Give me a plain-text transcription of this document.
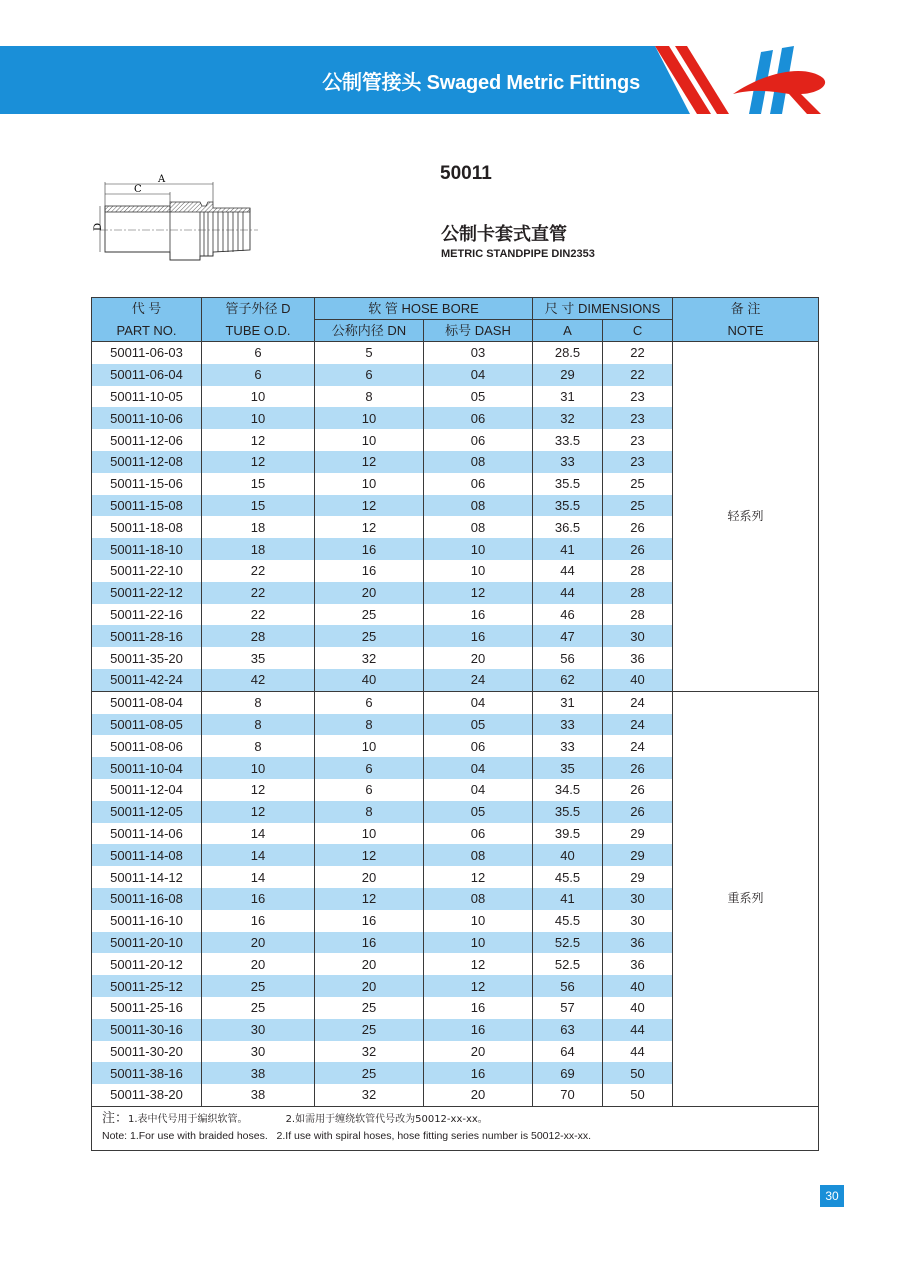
公制管接头 Swaged Metric Fittings
A
C
D
50011
公制卡套式直管
METRIC STANDPIPE DIN2353
代 号	管子外径 D	软 管 HOSE BORE		尺 寸 DIMENSIONS		备 注
PART NO.	TUBE O.D.	公称内径 DN	标号 DASH	A	C	NOTE
50011-06-03	6	5	03	28.5	22	轻系列
50011-06-04	6	6	04	29	22	
50011-10-05	10	8	05	31	23	
50011-10-06	10	10	06	32	23	
50011-12-06	12	10	06	33.5	23	
50011-12-08	12	12	08	33	23	
50011-15-06	15	10	06	35.5	25	
50011-15-08	15	12	08	35.5	25	
50011-18-08	18	12	08	36.5	26	
50011-18-10	18	16	10	41	26	
50011-22-10	22	16	10	44	28	
50011-22-12	22	20	12	44	28	
50011-22-16	22	25	16	46	28	
50011-28-16	28	25	16	47	30	
50011-35-20	35	32	20	56	36	
50011-42-24	42	40	24	62	40	
50011-08-04	8	6	04	31	24	重系列
50011-08-05	8	8	05	33	24	
50011-08-06	8	10	06	33	24	
50011-10-04	10	6	04	35	26	
50011-12-04	12	6	04	34.5	26	
50011-12-05	12	8	05	35.5	26	
50011-14-06	14	10	06	39.5	29	
50011-14-08	14	12	08	40	29	
50011-14-12	14	20	12	45.5	29	
50011-16-08	16	12	08	41	30	
50011-16-10	16	16	10	45.5	30	
50011-20-10	20	16	10	52.5	36	
50011-20-12	20	20	12	52.5	36	
50011-25-12	25	20	12	56	40	
50011-25-16	25	25	16	57	40	
50011-30-16	30	25	16	63	44	
50011-30-20	30	32	20	64	44	
50011-38-16	38	25	16	69	50	
50011-38-20	38	32	20	70	50	

注：1.表中代号用于编织软管。 2.如需用于缠绕软管代号改为50012-xx-xx。
Note: 1.For use with braided hoses. 2.If use with spiral hoses, hose fitting series number is 50012-xx-xx.						
30
